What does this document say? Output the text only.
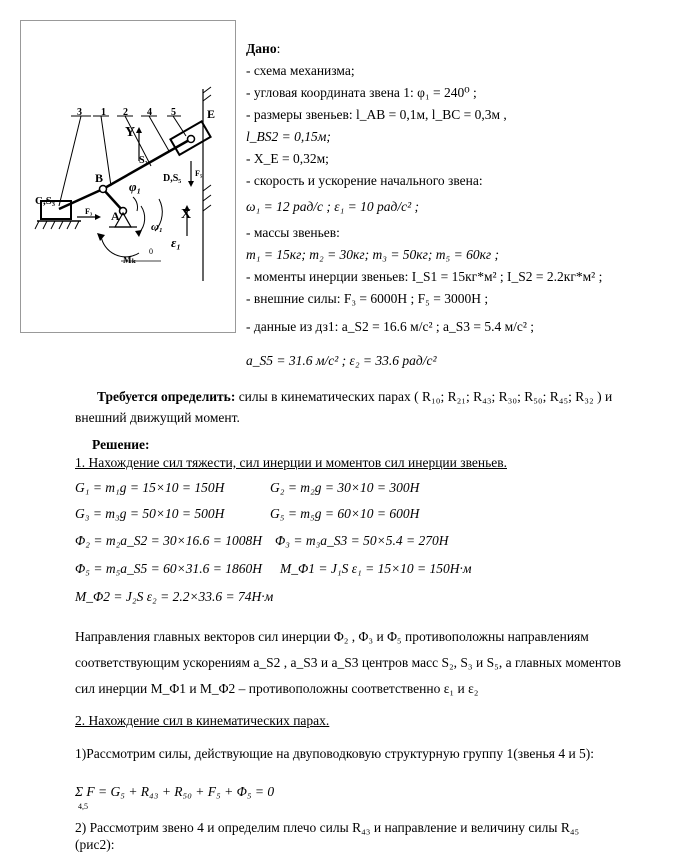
3 1 2 4 5	E
Y
S₂
B
φ₁
D,S₅ F₅
C,S₃
F₃ A	X
ω₁
ε₁
Mₖ
0
Дано:
- схема механизма;
- угловая координата звена 1: φ₁ = 240⁰ ;
- размеры звеньев: l_AB = 0,1м, l_BC = 0,3м ,
l_BS2 = 0,15м;
- X_E = 0,32м;
- скорость и ускорение начального звена:
ω₁ = 12 рад/с ; ε₁ = 10 рад/с² ;
- массы звеньев:
m₁ = 15кг; m₂ = 30кг; m₃ = 50кг; m₅ = 60кг ;
- моменты инерции звеньев: I_S1 = 15кг*м² ; I_S2 = 2.2кг*м² ;
- внешние силы: F₃ = 6000H ; F₅ = 3000H ;
- данные из дз1: a_S2 = 16.6 м/с² ; a_S3 = 5.4 м/с² ;
a_S5 = 31.6 м/с² ; ε₂ = 33.6 рад/с²
Требуется определить: силы в кинематических парах ( R₁₀; R₂₁; R₄₃; R₃₀; R₅₀; R₄₅; R₃₂ ) и внешний движущий момент.
Решение:
1. Нахождение сил тяжести, сил инерции и моментов сил инерции звеньев.
G₁ = m₁g = 15×10 = 150H	G₂ = m₂g = 30×10 = 300H
G₃ = m₃g = 50×10 = 500H	G₅ = m₅g = 60×10 = 600H
Φ₂ = m₂a_S2 = 30×16.6 = 1008H Φ₃ = m₃a_S3 = 50×5.4 = 270H
Φ₅ = m₅a_S5 = 60×31.6 = 1860H M_Φ1 = J₁S ε₁ = 15×10 = 150H·м
M_Φ2 = J₂S ε₂ = 2.2×33.6 = 74H·м
Направления главных векторов сил инерции Φ₂ , Φ₃ и Φ₅ противоположны направлениям соответствующим ускорениям a_S2 , a_S3 и a_S3 центров масс S₂, S₃ и S₅, а главных моментов сил инерции M_Φ1 и M_Φ2 – противоположны соответственно ε₁ и ε₂
2. Нахождение сил в кинематических парах.
1)Рассмотрим силы, действующие на двуповодковую структурную группу 1(звенья 4 и 5):
Σ F = G₅ + R₄₃ + R₅₀ + F₅ + Φ₅ = 0
4,5
2) Рассмотрим звено 4 и определим плечо силы R₄₃ и направление и величину силы R₄₅
(рис2):
